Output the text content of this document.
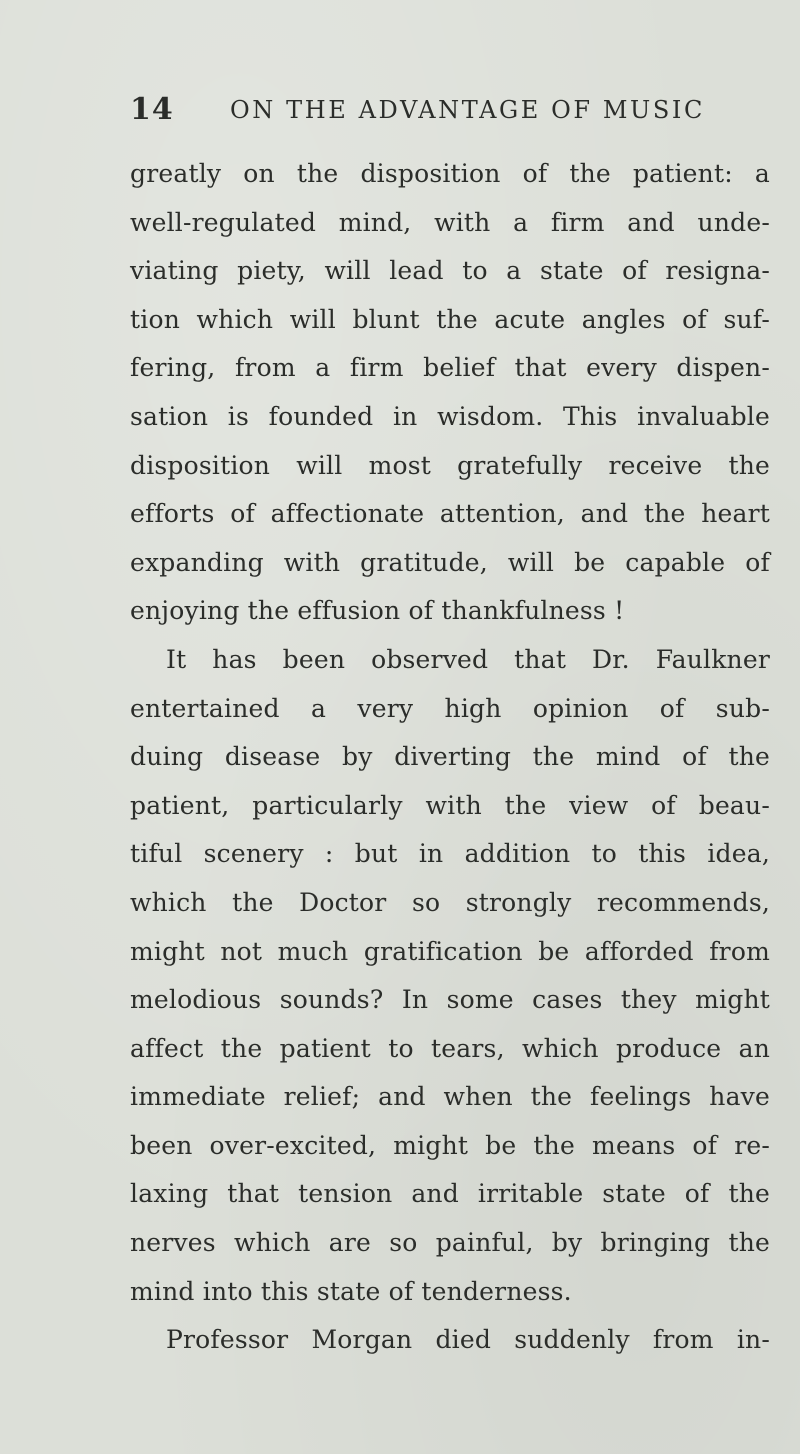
14 ON THE ADVANTAGE OF MUSIC
greatly on the disposition of the patient: a
well-regulated mind, with a firm and unde-
viating piety, will lead to a state of resigna-
tion which will blunt the acute angles of suf-
fering, from a firm belief that every dispen-
sation is founded in wisdom. This invaluable
disposition will most gratefully receive the
efforts of affectionate attention, and the heart
expanding with gratitude, will be capable of
enjoying the effusion of thankfulness !
It has been observed that Dr. Faulkner
entertained a very high opinion of sub-
duing disease by diverting the mind of the
patient, particularly with the view of beau-
tiful scenery : but in addition to this idea,
which the Doctor so strongly recommends,
might not much gratification be afforded from
melodious sounds? In some cases they might
affect the patient to tears, which produce an
immediate relief; and when the feelings have
been over-excited, might be the means of re-
laxing that tension and irritable state of the
nerves which are so painful, by bringing the
mind into this state of tenderness.
Professor Morgan died suddenly from in-
